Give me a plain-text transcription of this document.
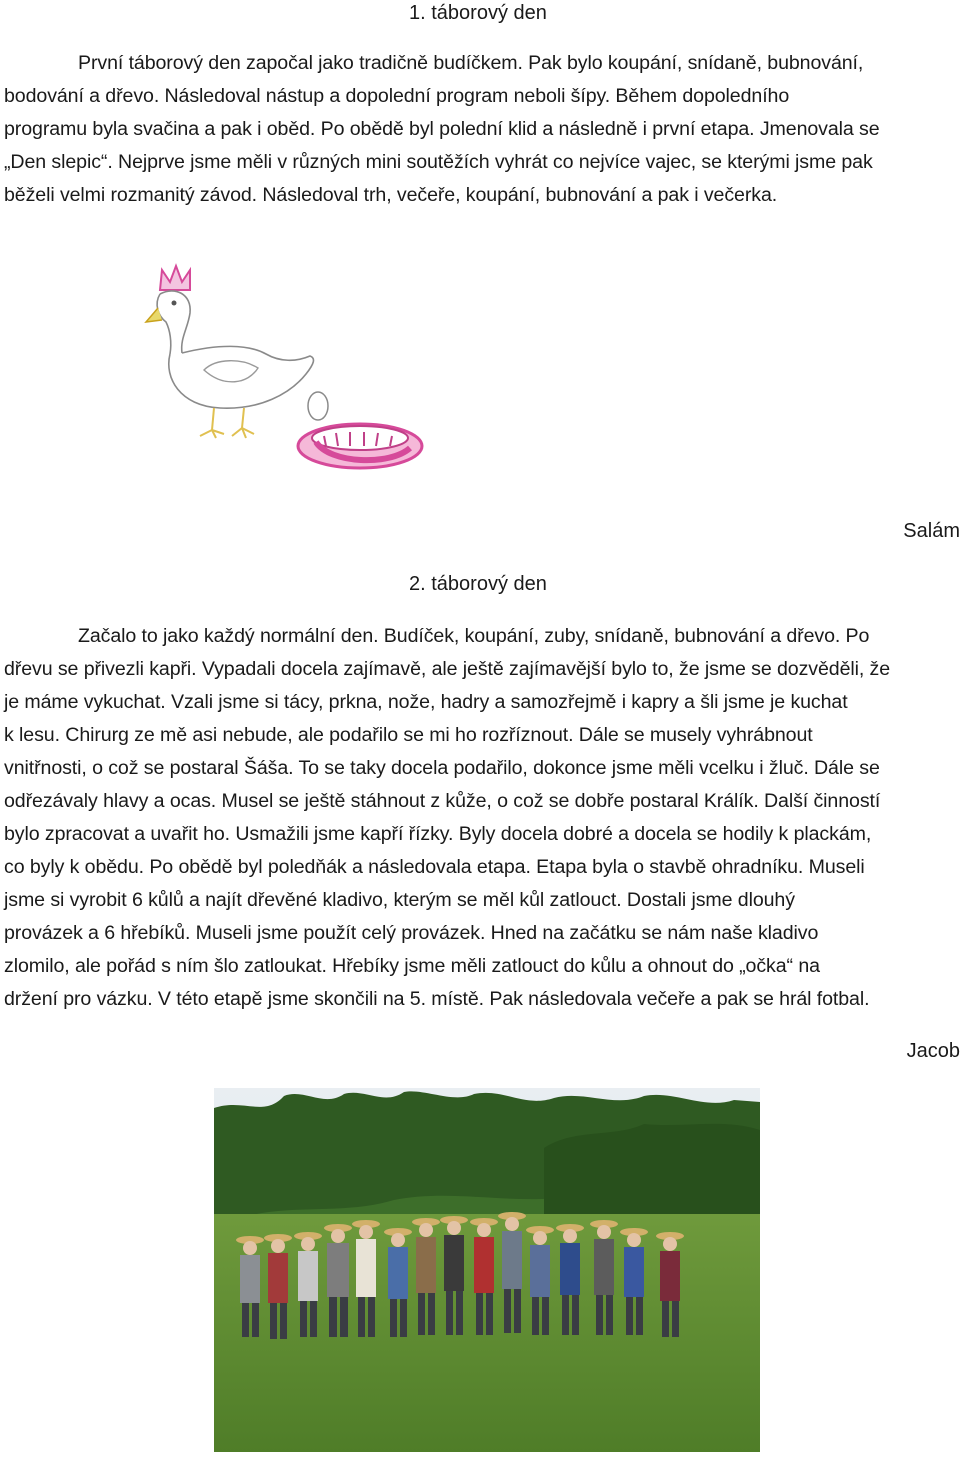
1. táborový den
První táborový den započal jako tradičně budíčkem. Pak bylo koupání, snídaně, bubnování,
bodování a dřevo. Následoval nástup a dopolední program neboli šípy. Během dopoledního
programu byla svačina a pak i oběd. Po obědě byl polední klid a následně i první etapa. Jmenovala se
„Den slepic“. Nejprve jsme měli v různých mini soutěžích vyhrát co nejvíce vajec, se kterými jsme pak
běželi velmi rozmanitý závod. Následoval trh, večeře, koupání, bubnování a pak i večerka.
Salám
2. táborový den
Začalo to jako každý normální den. Budíček, koupání, zuby, snídaně, bubnování a dřevo. Po
dřevu se přivezli kapři. Vypadali docela zajímavě, ale ještě zajímavější bylo to, že jsme se dozvěděli, že
je máme vykuchat. Vzali jsme si tácy, prkna, nože, hadry a samozřejmě i kapry a šli jsme je kuchat
k lesu. Chirurg ze mě asi nebude, ale podařilo se mi ho rozříznout. Dále se musely vyhrábnout
vnitřnosti, o což se postaral Šáša. To se taky docela podařilo, dokonce jsme měli vcelku i žluč. Dále se
odřezávaly hlavy a ocas. Musel se ještě stáhnout z kůže, o což se dobře postaral Králík. Další činností
bylo zpracovat a uvařit ho. Usmažili jsme kapří řízky. Byly docela dobré a docela se hodily k plackám,
co byly k obědu. Po obědě byl poledňák a následovala etapa. Etapa byla o stavbě ohradníku. Museli
jsme si vyrobit 6 kůlů a najít dřevěné kladivo, kterým se měl kůl zatlouct. Dostali jsme dlouhý
provázek a 6 hřebíků. Museli jsme použít celý provázek. Hned na začátku se nám naše kladivo
zlomilo, ale pořád s ním šlo zatloukat. Hřebíky jsme měli zatlouct do kůlu a ohnout do „očka“ na
držení pro vázku. V této etapě jsme skončili na 5. místě. Pak následovala večeře a pak se hrál fotbal.
Jacob
